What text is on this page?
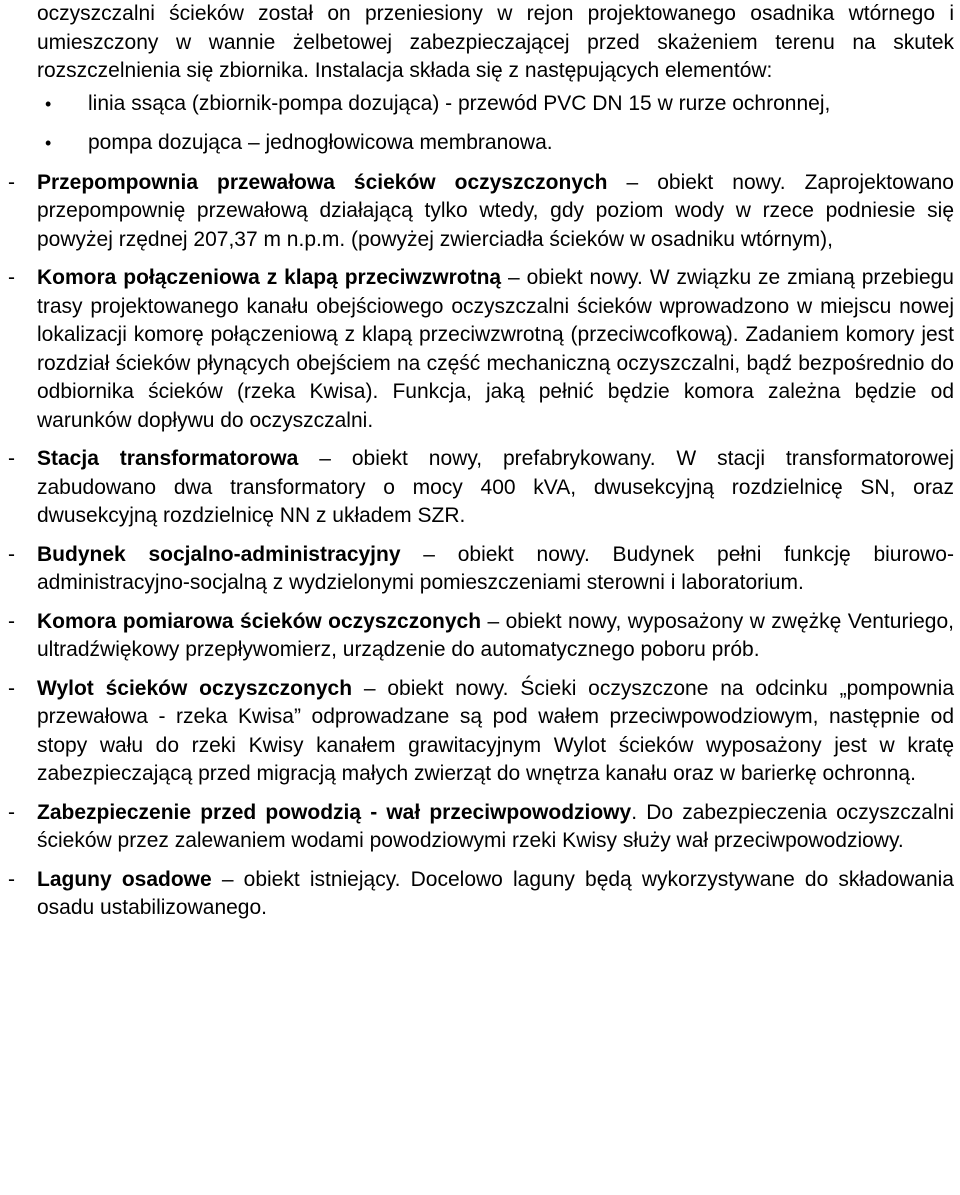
oczyszczalni ścieków został on przeniesiony w rejon projektowanego osadnika wtórnego i umieszczony w wannie żelbetowej zabezpieczającej przed skażeniem terenu na skutek rozszczelnienia się zbiornika. Instalacja składa się z następujących elementów:

• linia ssąca (zbiornik-pompa dozująca) - przewód PVC DN 15 w rurze ochronnej,
• pompa dozująca – jednogłowicowa membranowa.
- Przepompownia przewałowa ścieków oczyszczonych – obiekt nowy. Zaprojektowano przepompownię przewałową działającą tylko wtedy, gdy poziom wody w rzece podniesie się powyżej rzędnej 207,37 m n.p.m. (powyżej zwierciadła ścieków w osadniku wtórnym),

- Komora połączeniowa z klapą przeciwzwrotną – obiekt nowy. W związku ze zmianą przebiegu trasy projektowanego kanału obejściowego oczyszczalni ścieków wprowadzono w miejscu nowej lokalizacji komorę połączeniową z klapą przeciwzwrotną (przeciwcofkową). Zadaniem komory jest rozdział ścieków płynących obejściem na część mechaniczną oczyszczalni, bądź bezpośrednio do odbiornika ścieków (rzeka Kwisa). Funkcja, jaką pełnić będzie komora zależna będzie od warunków dopływu do oczyszczalni.

- Stacja transformatorowa – obiekt nowy, prefabrykowany. W stacji transformatorowej zabudowano dwa transformatory o mocy 400 kVA, dwusekcyjną rozdzielnicę SN, oraz dwusekcyjną rozdzielnicę NN z układem SZR.

- Budynek socjalno-administracyjny – obiekt nowy. Budynek pełni funkcję biurowo-administracyjno-socjalną z wydzielonymi pomieszczeniami sterowni i laboratorium.

- Komora pomiarowa ścieków oczyszczonych – obiekt nowy, wyposażony w zwężkę Venturiego, ultradźwiękowy przepływomierz, urządzenie do automatycznego poboru prób.

- Wylot ścieków oczyszczonych – obiekt nowy. Ścieki oczyszczone na odcinku „pompownia przewałowa - rzeka Kwisa” odprowadzane są pod wałem przeciwpowodziowym, następnie od stopy wału do rzeki Kwisy kanałem grawitacyjnym Wylot ścieków wyposażony jest w kratę zabezpieczającą przed migracją małych zwierząt do wnętrza kanału oraz w barierkę ochronną.

- Zabezpieczenie przed powodzią - wał przeciwpowodziowy. Do zabezpieczenia oczyszczalni ścieków przez zalewaniem wodami powodziowymi rzeki Kwisy służy wał przeciwpowodziowy.

- Laguny osadowe – obiekt istniejący. Docelowo laguny będą wykorzystywane do składowania osadu ustabilizowanego.
